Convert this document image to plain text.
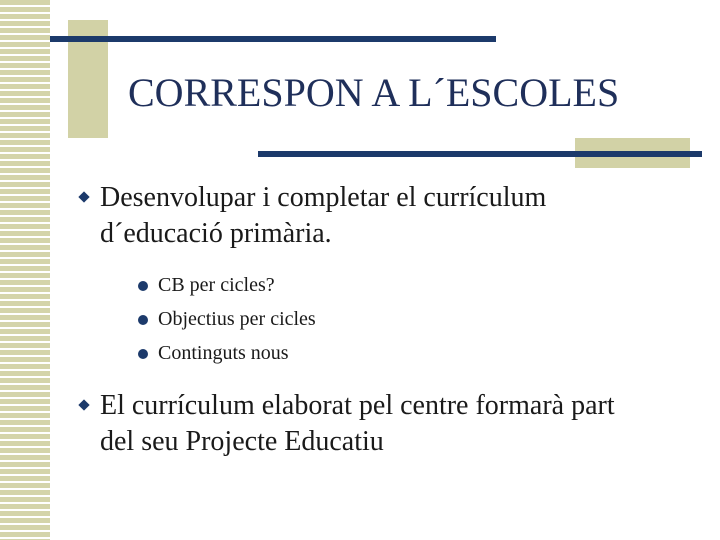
CORRESPON A L´ESCOLES
Desenvolupar i completar el currículum
d´educació primària.
CB per cicles?
Objectius per cicles
Continguts nous
El currículum elaborat pel centre formarà part
del seu Projecte Educatiu
